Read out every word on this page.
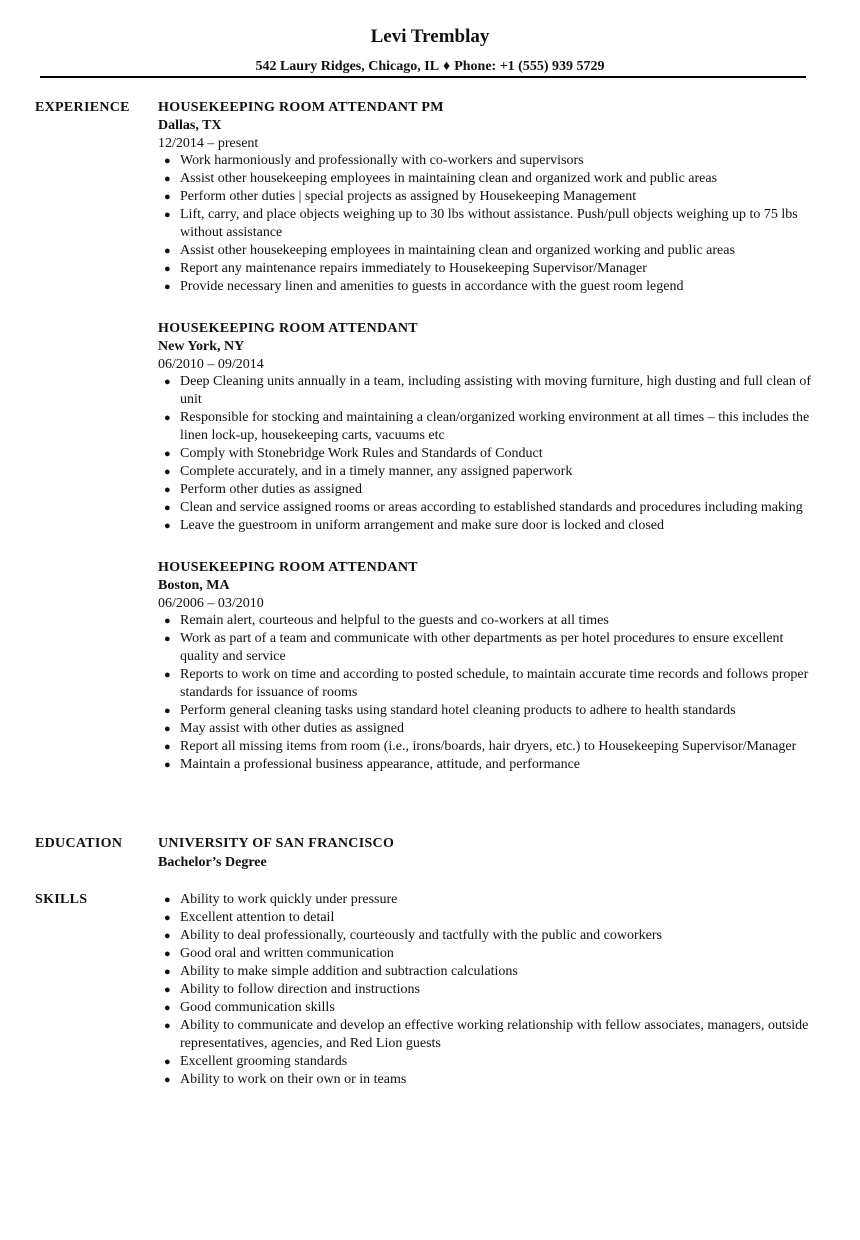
Levi Tremblay
542 Laury Ridges, Chicago, IL ♦ Phone: +1 (555) 939 5729
EXPERIENCE HOUSEKEEPING ROOM ATTENDANT PM
Dallas, TX
12/2014 – present
● Work harmoniously and professionally with co-workers and supervisors
● Assist other housekeeping employees in maintaining clean and organized work and public areas
● Perform other duties | special projects as assigned by Housekeeping Management
● Lift, carry, and place objects weighing up to 30 lbs without assistance. Push/pull objects weighing up to 75 lbs without assistance
● Assist other housekeeping employees in maintaining clean and organized working and public areas
● Report any maintenance repairs immediately to Housekeeping Supervisor/Manager
● Provide necessary linen and amenities to guests in accordance with the guest room legend
HOUSEKEEPING ROOM ATTENDANT
New York, NY
06/2010 – 09/2014
● Deep Cleaning units annually in a team, including assisting with moving furniture, high dusting and full clean of unit
● Responsible for stocking and maintaining a clean/organized working environment at all times – this includes the linen lock-up, housekeeping carts, vacuums etc
● Comply with Stonebridge Work Rules and Standards of Conduct
● Complete accurately, and in a timely manner, any assigned paperwork
● Perform other duties as assigned
● Clean and service assigned rooms or areas according to established standards and procedures including making
● Leave the guestroom in uniform arrangement and make sure door is locked and closed
HOUSEKEEPING ROOM ATTENDANT
Boston, MA
06/2006 – 03/2010
● Remain alert, courteous and helpful to the guests and co-workers at all times
● Work as part of a team and communicate with other departments as per hotel procedures to ensure excellent quality and service
● Reports to work on time and according to posted schedule, to maintain accurate time records and follows proper standards for issuance of rooms
● Perform general cleaning tasks using standard hotel cleaning products to adhere to health standards
● May assist with other duties as assigned
● Report all missing items from room (i.e., irons/boards, hair dryers, etc.) to Housekeeping Supervisor/Manager
● Maintain a professional business appearance, attitude, and performance
EDUCATION	UNIVERSITY OF SAN FRANCISCO
Bachelor’s Degree
SKILLS	● Ability to work quickly under pressure
● Excellent attention to detail
● Ability to deal professionally, courteously and tactfully with the public and coworkers
● Good oral and written communication
● Ability to make simple addition and subtraction calculations
● Ability to follow direction and instructions
● Good communication skills
● Ability to communicate and develop an effective working relationship with fellow associates, managers, outside representatives, agencies, and Red Lion guests
● Excellent grooming standards
● Ability to work on their own or in teams
